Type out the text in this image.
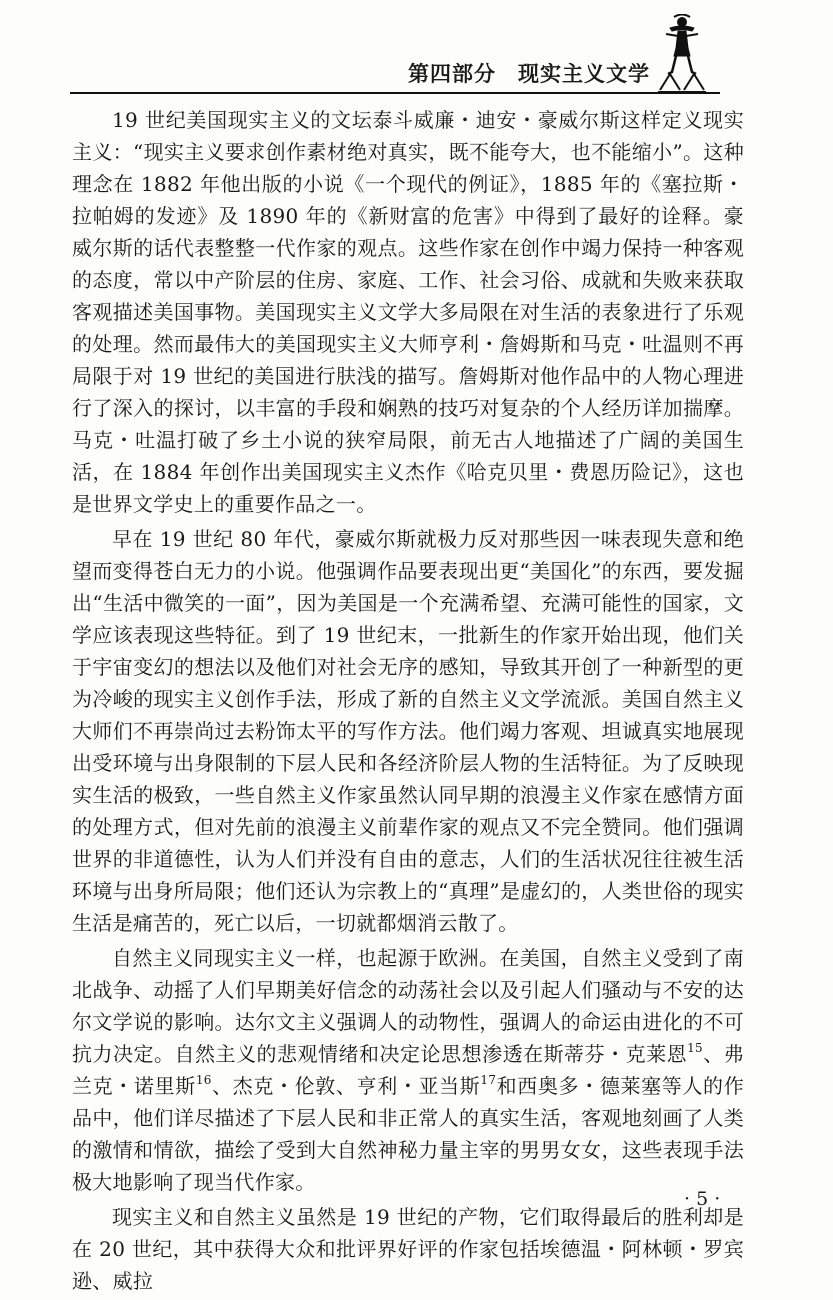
第四部分　现实主义文学

19 世纪美国现实主义的文坛泰斗威廉・迪安・豪威尔斯这样定义现实主义：“现实主义要求创作素材绝对真实，既不能夸大，也不能缩小”。这种理念在 1882 年他出版的小说《一个现代的例证》，1885 年的《塞拉斯・拉帕姆的发迹》及 1890 年的《新财富的危害》中得到了最好的诠释。豪威尔斯的话代表整整一代作家的观点。这些作家在创作中竭力保持一种客观的态度，常以中产阶层的住房、家庭、工作、社会习俗、成就和失败来获取客观描述美国事物。美国现实主义文学大多局限在对生活的表象进行了乐观的处理。然而最伟大的美国现实主义大师亨利・詹姆斯和马克・吐温则不再局限于对 19 世纪的美国进行肤浅的描写。詹姆斯对他作品中的人物心理进行了深入的探讨，以丰富的手段和娴熟的技巧对复杂的个人经历详加揣摩。马克・吐温打破了乡土小说的狭窄局限，前无古人地描述了广阔的美国生活，在 1884 年创作出美国现实主义杰作《哈克贝里・费恩历险记》，这也是世界文学史上的重要作品之一。

早在 19 世纪 80 年代，豪威尔斯就极力反对那些因一味表现失意和绝望而变得苍白无力的小说。他强调作品要表现出更“美国化”的东西，要发掘出“生活中微笑的一面”，因为美国是一个充满希望、充满可能性的国家，文学应该表现这些特征。到了 19 世纪末，一批新生的作家开始出现，他们关于宇宙变幻的想法以及他们对社会无序的感知，导致其开创了一种新型的更为冷峻的现实主义创作手法，形成了新的自然主义文学流派。美国自然主义大师们不再崇尚过去粉饰太平的写作方法。他们竭力客观、坦诚真实地展现出受环境与出身限制的下层人民和各经济阶层人物的生活特征。为了反映现实生活的极致，一些自然主义作家虽然认同早期的浪漫主义作家在感情方面的处理方式，但对先前的浪漫主义前辈作家的观点又不完全赞同。他们强调世界的非道德性，认为人们并没有自由的意志，人们的生活状况往往被生活环境与出身所局限；他们还认为宗教上的“真理”是虚幻的，人类世俗的现实生活是痛苦的，死亡以后，一切就都烟消云散了。

自然主义同现实主义一样，也起源于欧洲。在美国，自然主义受到了南北战争、动摇了人们早期美好信念的动荡社会以及引起人们骚动与不安的达尔文学说的影响。达尔文主义强调人的动物性，强调人的命运由进化的不可抗力决定。自然主义的悲观情绪和决定论思想渗透在斯蒂芬・克莱恩$^{15}$、弗兰克・诺里斯$^{16}$、杰克・伦敦、亨利・亚当斯$^{17}$和西奥多・德莱塞等人的作品中，他们详尽描述了下层人民和非正常人的真实生活，客观地刻画了人类的激情和情欲，描绘了受到大自然神秘力量主宰的男男女女，这些表现手法极大地影响了现当代作家。

现实主义和自然主义虽然是 19 世纪的产物，它们取得最后的胜利却是在 20 世纪，其中获得大众和批评界好评的作家包括埃德温・阿林顿・罗宾逊、威拉

· 5 ·
